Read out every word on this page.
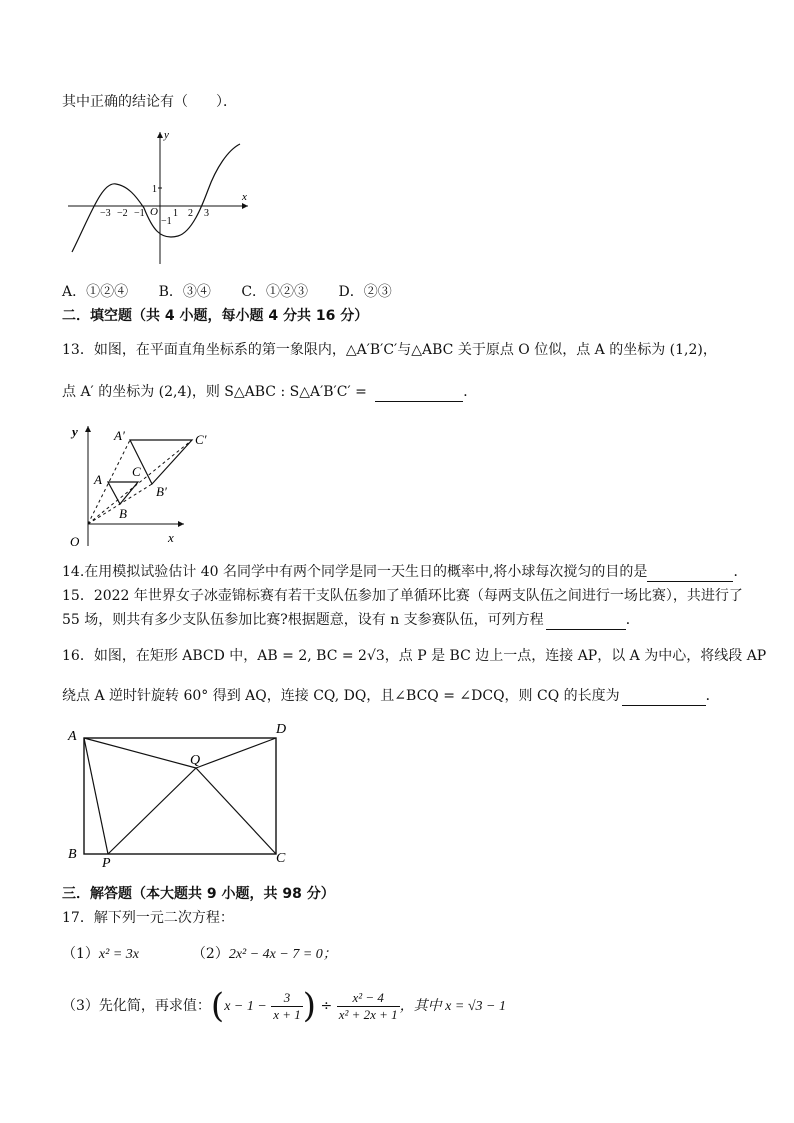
其中正确的结论有（　　）．
x
y
O
−3 −2 −1	1 2 3
1
−1
A．①②④ B．③④ C．①②③ D．②③
二．填空题（共 4 小题，每小题 4 分共 16 分）
13．如图，在平面直角坐标系的第一象限内，△A′B′C′与△ABC 关于原点 O 位似，点 A 的坐标为 (1,2)，
点 A′ 的坐标为 (2,4)，则 S△ABC : S△A′B′C′ =	．
y
x
O
A′	C′
A
C
B′
B
14.在用模拟试验估计 40 名同学中有两个同学是同一天生日的概率中,将小球每次搅匀的目的是	．
15．2022 年世界女子冰壶锦标赛有若干支队伍参加了单循环比赛（每两支队伍之间进行一场比赛），共进行了
55 场，则共有多少支队伍参加比赛?根据题意，设有 n 支参赛队伍，可列方程	．
16．如图，在矩形 ABCD 中，AB = 2, BC = 2√3，点 P 是 BC 边上一点，连接 AP，以 A 为中心，将线段 AP
绕点 A 逆时针旋转 60° 得到 AQ，连接 CQ, DQ，且∠BCQ = ∠DCQ，则 CQ 的长度为	．
A	D
Q
B
P	C
三．解答题（本大题共 9 小题，共 98 分）
17．解下列一元二次方程：
（1）x² = 3x	（2）2x² − 4x − 7 = 0；
（3）先化简，再求值：($x - 1 - \frac{3}{x + 1}$ ) ÷ $\frac{\text{x² − 4}}{\text{x² + 2x + 1}}$ ，其中 x = √3 − 1
